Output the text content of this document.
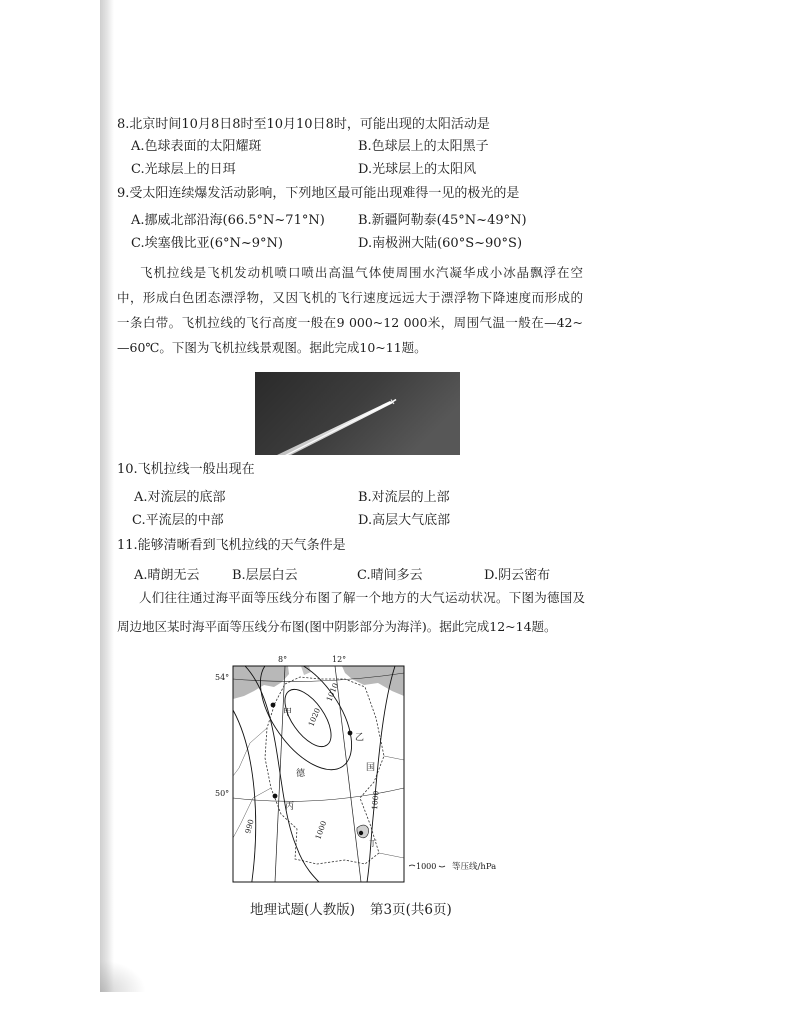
8.北京时间10月8日8时至10月10日8时，可能出现的太阳活动是
A.色球表面的太阳耀斑	B.色球层上的太阳黑子
C.光球层上的日珥	D.光球层上的太阳风
9.受太阳连续爆发活动影响，下列地区最可能出现难得一见的极光的是
A.挪威北部沿海(66.5°N~71°N)	B.新疆阿勒泰(45°N~49°N)
C.埃塞俄比亚(6°N~9°N)	D.南极洲大陆(60°S~90°S)
飞机拉线是飞机发动机喷口喷出高温气体使周围水汽凝华成小冰晶飘浮在空
中，形成白色团态漂浮物，又因飞机的飞行速度远远大于漂浮物下降速度而形成的
一条白带。飞机拉线的飞行高度一般在9 000~12 000米，周围气温一般在—42~
—60℃。下图为飞机拉线景观图。据此完成10~11题。
10.飞机拉线一般出现在
A.对流层的底部	B.对流层的上部
C.平流层的中部	D.高层大气底部
11.能够清晰看到飞机拉线的天气条件是
A.晴朗无云 B.层层白云	C.晴间多云	D.阴云密布
人们往往通过海平面等压线分布图了解一个地方的大气运动状况。下图为德国及
周边地区某时海平面等压线分布图(图中阴影部分为海洋)。据此完成12~14题。
8°	12°
54°
50°
1010
1020
1000
990	1000
甲
乙
丙
丁
德
国
1000 等压线/hPa
地理试题(人教版) 第3页(共6页)
